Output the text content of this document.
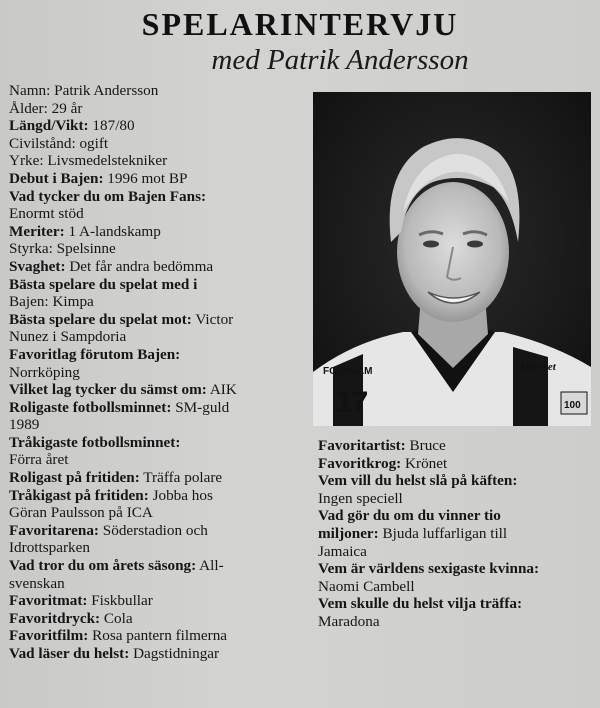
SPELARINTERVJU
med Patrik Andersson
Namn: Patrik Andersson
Ålder: 29 år
Längd/Vikt: 187/80
Civilstånd: ogift
Yrke: Livsmedelstekniker
Debut i Bajen: 1996 mot BP
Vad tycker du om Bajen Fans:
Enormt stöd
Meriter: 1 A-landskamp
Styrka: Spelsinne
Svaghet: Det får andra bedömma
Bästa spelare du spelat med i
Bajen: Kimpa
Bästa spelare du spelat mot: Victor
Nunez i Sampdoria
Favoritlag förutom Bajen:
Norrköping
Vilket lag tycker du sämst om: AIK
Roligaste fotbollsminnet: SM-guld
1989
Tråkigaste fotbollsminnet:
Förra året
Roligast på fritiden: Träffa polare
Tråkigast på fritiden: Jobba hos
Göran Paulsson på ICA
Favoritarena: Söderstadion och
Idrottsparken
Vad tror du om årets säsong: All-
svenskan
Favoritmat: Fiskbullar
Favoritdryck: Cola
Favoritfilm: Rosa pantern filmerna
Vad läser du helst: Dagstidningar
FOLKSAM
17
Odd-set
100
Favoritartist: Bruce
Favoritkrog: Krönet
Vem vill du helst slå på käften:
Ingen speciell
Vad gör du om du vinner tio
miljoner: Bjuda luffarligan till
Jamaica
Vem är världens sexigaste kvinna:
Naomi Cambell
Vem skulle du helst vilja träffa:
Maradona
